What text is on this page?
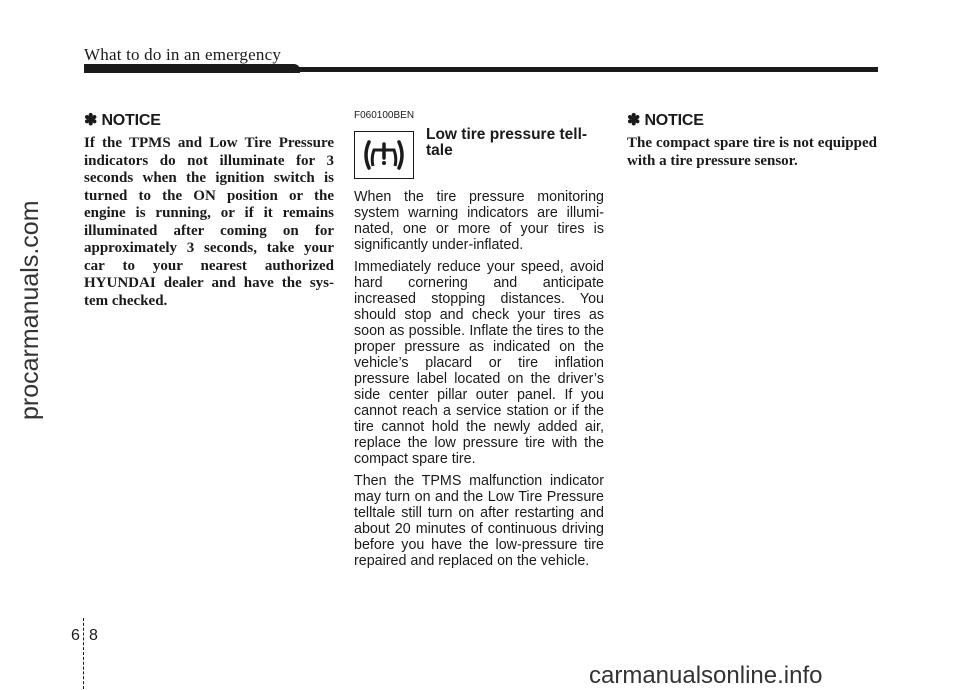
What to do in an emergency
procarmanuals.com
✽ NOTICE
If the TPMS and Low Tire Pressure indicators do not illuminate for 3 seconds when the ignition switch is turned to the ON position or the engine is running, or if it remains illuminated after coming on for approximately 3 seconds, take your car to your nearest authorized HYUNDAI dealer and have the sys-tem checked.
F060100BEN
Low tire pressure tell-tale

When the tire pressure monitoring system warning indicators are illumi-nated, one or more of your tires is significantly under-inflated.

Immediately reduce your speed, avoid hard cornering and anticipate increased stopping distances. You should stop and check your tires as soon as possible. Inflate the tires to the proper pressure as indicated on the vehicle’s placard or tire inflation pressure label located on the driver’s side center pillar outer panel. If you cannot reach a service station or if the tire cannot hold the newly added air, replace the low pressure tire with the compact spare tire.

Then the TPMS malfunction indicator may turn on and the Low Tire Pressure telltale still turn on after restarting and about 20 minutes of continuous driving before you have the low-pressure tire repaired and replaced on the vehicle.

✽ NOTICE
The compact spare tire is not equipped with a tire pressure sensor.
6 8
carmanualsonline.info
